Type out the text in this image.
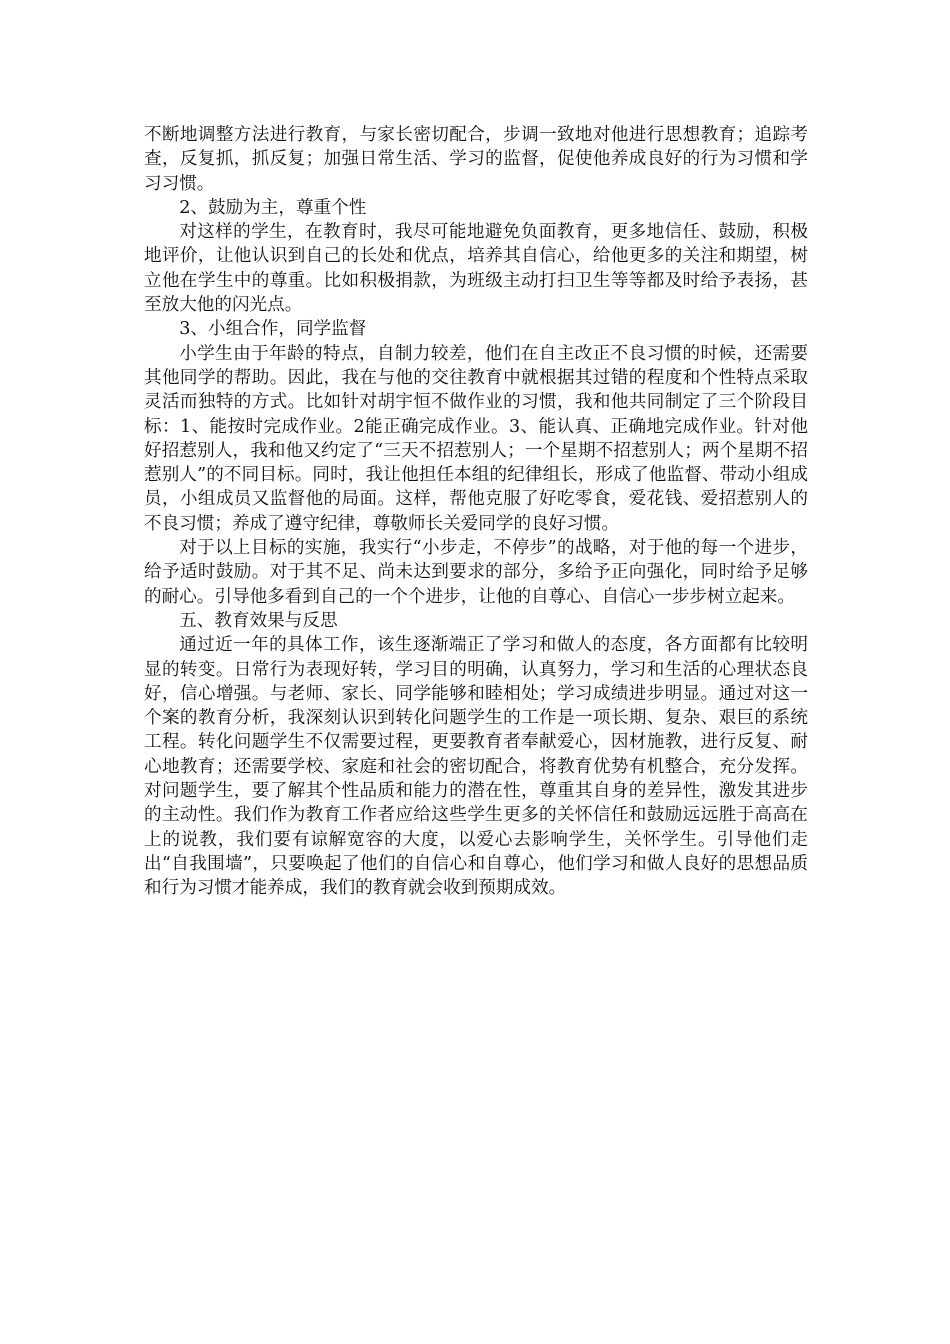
不断地调整方法进行教育，与家长密切配合，步调一致地对他进行思想教育；追踪考查，反复抓，抓反复；加强日常生活、学习的监督，促使他养成良好的行为习惯和学习习惯。

2、鼓励为主，尊重个性

对这样的学生，在教育时，我尽可能地避免负面教育，更多地信任、鼓励，积极地评价，让他认识到自己的长处和优点，培养其自信心，给他更多的关注和期望，树立他在学生中的尊重。比如积极捐款，为班级主动打扫卫生等等都及时给予表扬，甚至放大他的闪光点。

3、小组合作，同学监督

小学生由于年龄的特点，自制力较差，他们在自主改正不良习惯的时候，还需要其他同学的帮助。因此，我在与他的交往教育中就根据其过错的程度和个性特点采取灵活而独特的方式。比如针对胡宇恒不做作业的习惯，我和他共同制定了三个阶段目标：1、能按时完成作业。2能正确完成作业。3、能认真、正确地完成作业。针对他好招惹别人，我和他又约定了“三天不招惹别人；一个星期不招惹别人；两个星期不招惹别人”的不同目标。同时，我让他担任本组的纪律组长，形成了他监督、带动小组成员，小组成员又监督他的局面。这样，帮他克服了好吃零食，爱花钱、爱招惹别人的不良习惯；养成了遵守纪律，尊敬师长关爱同学的良好习惯。

对于以上目标的实施，我实行“小步走，不停步”的战略，对于他的每一个进步，给予适时鼓励。对于其不足、尚未达到要求的部分，多给予正向强化，同时给予足够的耐心。引导他多看到自己的一个个进步，让他的自尊心、自信心一步步树立起来。

五、教育效果与反思

通过近一年的具体工作，该生逐渐端正了学习和做人的态度，各方面都有比较明显的转变。日常行为表现好转，学习目的明确，认真努力，学习和生活的心理状态良好，信心增强。与老师、家长、同学能够和睦相处；学习成绩进步明显。通过对这一个案的教育分析，我深刻认识到转化问题学生的工作是一项长期、复杂、艰巨的系统工程。转化问题学生不仅需要过程，更要教育者奉献爱心，因材施教，进行反复、耐心地教育；还需要学校、家庭和社会的密切配合，将教育优势有机整合，充分发挥。对问题学生，要了解其个性品质和能力的潜在性，尊重其自身的差异性，激发其进步的主动性。我们作为教育工作者应给这些学生更多的关怀信任和鼓励远远胜于高高在上的说教，我们要有谅解宽容的大度，以爱心去影响学生，关怀学生。引导他们走出“自我围墙”，只要唤起了他们的自信心和自尊心，他们学习和做人良好的思想品质和行为习惯才能养成，我们的教育就会收到预期成效。
